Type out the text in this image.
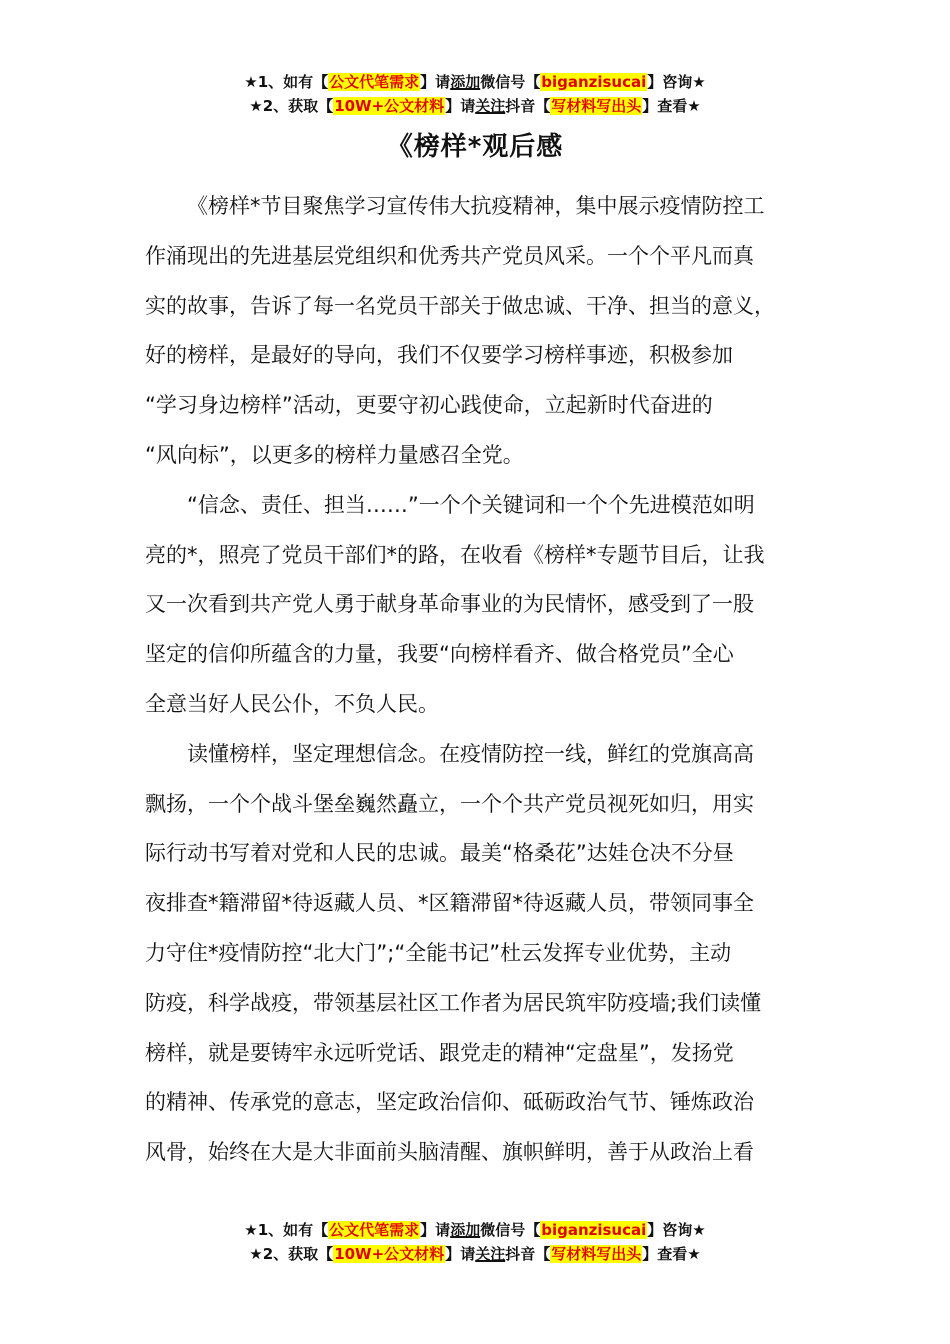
★1、如有【公文代笔需求】请添加微信号【biganzisucai】咨询★
★2、获取【10W+公文材料】请关注抖音【写材料写出头】查看★
《榜样*观后感

《榜样*节目聚焦学习宣传伟大抗疫精神，集中展示疫情防控工
作涌现出的先进基层党组织和优秀共产党员风采。一个个平凡而真
实的故事，告诉了每一名党员干部关于做忠诚、干净、担当的意义，
好的榜样，是最好的导向，我们不仅要学习榜样事迹，积极参加
“学习身边榜样”活动，更要守初心践使命，立起新时代奋进的
“风向标”，以更多的榜样力量感召全党。

“信念、责任、担当……”一个个关键词和一个个先进模范如明
亮的*，照亮了党员干部们*的路，在收看《榜样*专题节目后，让我
又一次看到共产党人勇于献身革命事业的为民情怀，感受到了一股
坚定的信仰所蕴含的力量，我要“向榜样看齐、做合格党员”全心
全意当好人民公仆，不负人民。

读懂榜样，坚定理想信念。在疫情防控一线，鲜红的党旗高高
飘扬，一个个战斗堡垒巍然矗立，一个个共产党员视死如归，用实
际行动书写着对党和人民的忠诚。最美“格桑花”达娃仓决不分昼
夜排查*籍滞留*待返藏人员、*区籍滞留*待返藏人员，带领同事全
力守住*疫情防控“北大门”;“全能书记”杜云发挥专业优势，主动
防疫，科学战疫，带领基层社区工作者为居民筑牢防疫墙;我们读懂
榜样，就是要铸牢永远听党话、跟党走的精神“定盘星”，发扬党
的精神、传承党的意志，坚定政治信仰、砥砺政治气节、锤炼政治
风骨，始终在大是大非面前头脑清醒、旗帜鲜明，善于从政治上看

★1、如有【公文代笔需求】请添加微信号【biganzisucai】咨询★
★2、获取【10W+公文材料】请关注抖音【写材料写出头】查看★
